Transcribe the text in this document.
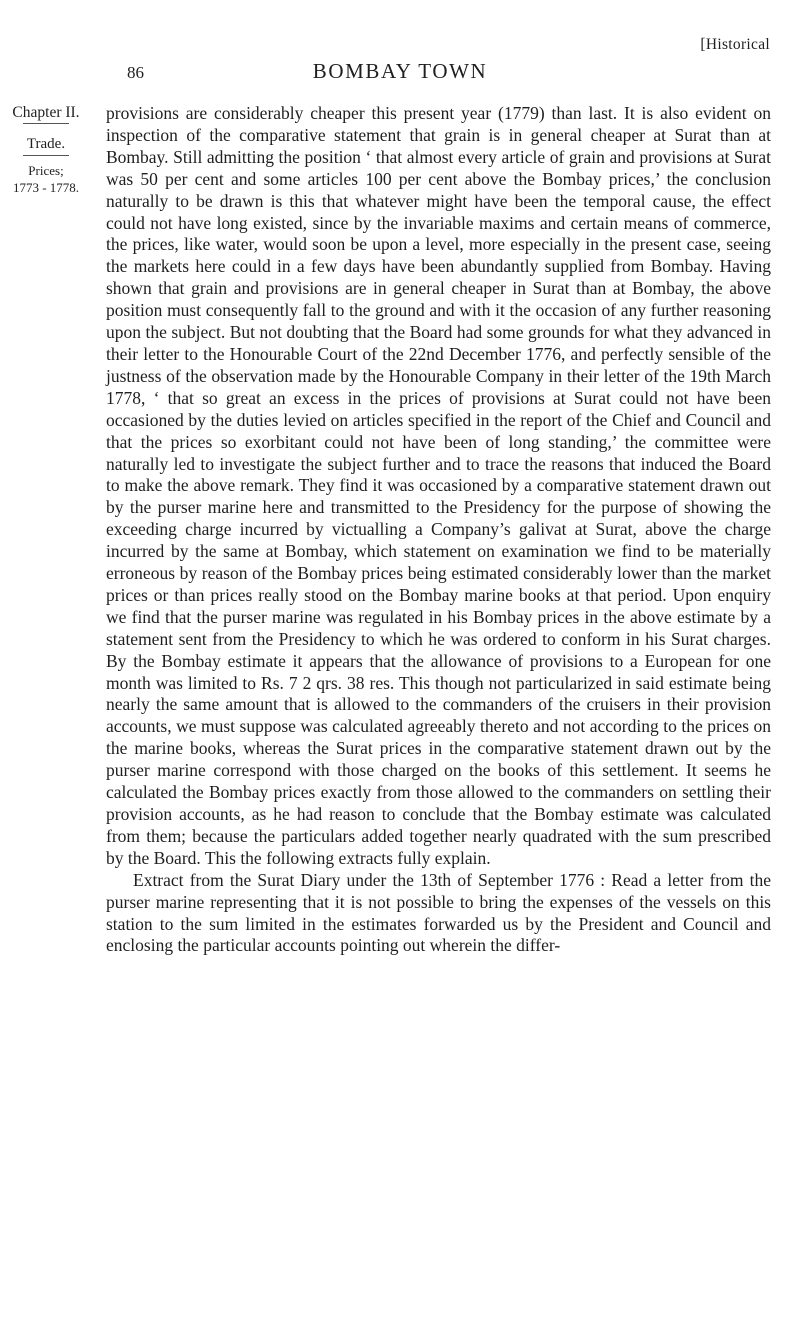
[Historical
86	BOMBAY TOWN
Chapter II.
Trade.
Prices;
1773 - 1778.

provisions are considerably cheaper this present year (1779) than last. It is also evident on inspection of the comparative statement that grain is in general cheaper at Surat than at Bombay. Still admitting the position ‘ that almost every article of grain and provisions at Surat was 50 per cent and some articles 100 per cent above the Bombay prices,’ the conclusion naturally to be drawn is this that whatever might have been the temporal cause, the effect could not have long existed, since by the invariable maxims and certain means of commerce, the prices, like water, would soon be upon a level, more especially in the present case, seeing the markets here could in a few days have been abundantly supplied from Bombay. Having shown that grain and provisions are in general cheaper in Surat than at Bombay, the above position must consequently fall to the ground and with it the occasion of any further reasoning upon the subject. But not doubting that the Board had some grounds for what they advanced in their letter to the Honourable Court of the 22nd December 1776, and perfectly sensible of the justness of the observation made by the Honourable Company in their letter of the 19th March 1778, ‘ that so great an excess in the prices of provisions at Surat could not have been occasioned by the duties levied on articles specified in the report of the Chief and Council and that the prices so exorbitant could not have been of long standing,’ the committee were naturally led to investigate the subject further and to trace the reasons that induced the Board to make the above remark. They find it was occasioned by a comparative statement drawn out by the purser marine here and transmitted to the Presidency for the purpose of showing the exceeding charge incurred by victualling a Company’s galivat at Surat, above the charge incurred by the same at Bombay, which statement on examination we find to be materially erroneous by reason of the Bombay prices being estimated considerably lower than the market prices or than prices really stood on the Bombay marine books at that period. Upon enquiry we find that the purser marine was regulated in his Bombay prices in the above estimate by a statement sent from the Presidency to which he was ordered to conform in his Surat charges. By the Bombay estimate it appears that the allowance of provisions to a European for one month was limited to Rs. 7 2 qrs. 38 res. This though not particularized in said estimate being nearly the same amount that is allowed to the commanders of the cruisers in their provision accounts, we must suppose was calculated agreeably thereto and not according to the prices on the marine books, whereas the Surat prices in the comparative statement drawn out by the purser marine correspond with those charged on the books of this settlement. It seems he calculated the Bombay prices exactly from those allowed to the commanders on settling their provision accounts, as he had reason to conclude that the Bombay estimate was calculated from them; because the particulars added together nearly quadrated with the sum prescribed by the Board. This the following extracts fully explain.

Extract from the Surat Diary under the 13th of September 1776 : Read a letter from the purser marine representing that it is not possible to bring the expenses of the vessels on this station to the sum limited in the estimates forwarded us by the President and Council and enclosing the particular accounts pointing out wherein the differ-
